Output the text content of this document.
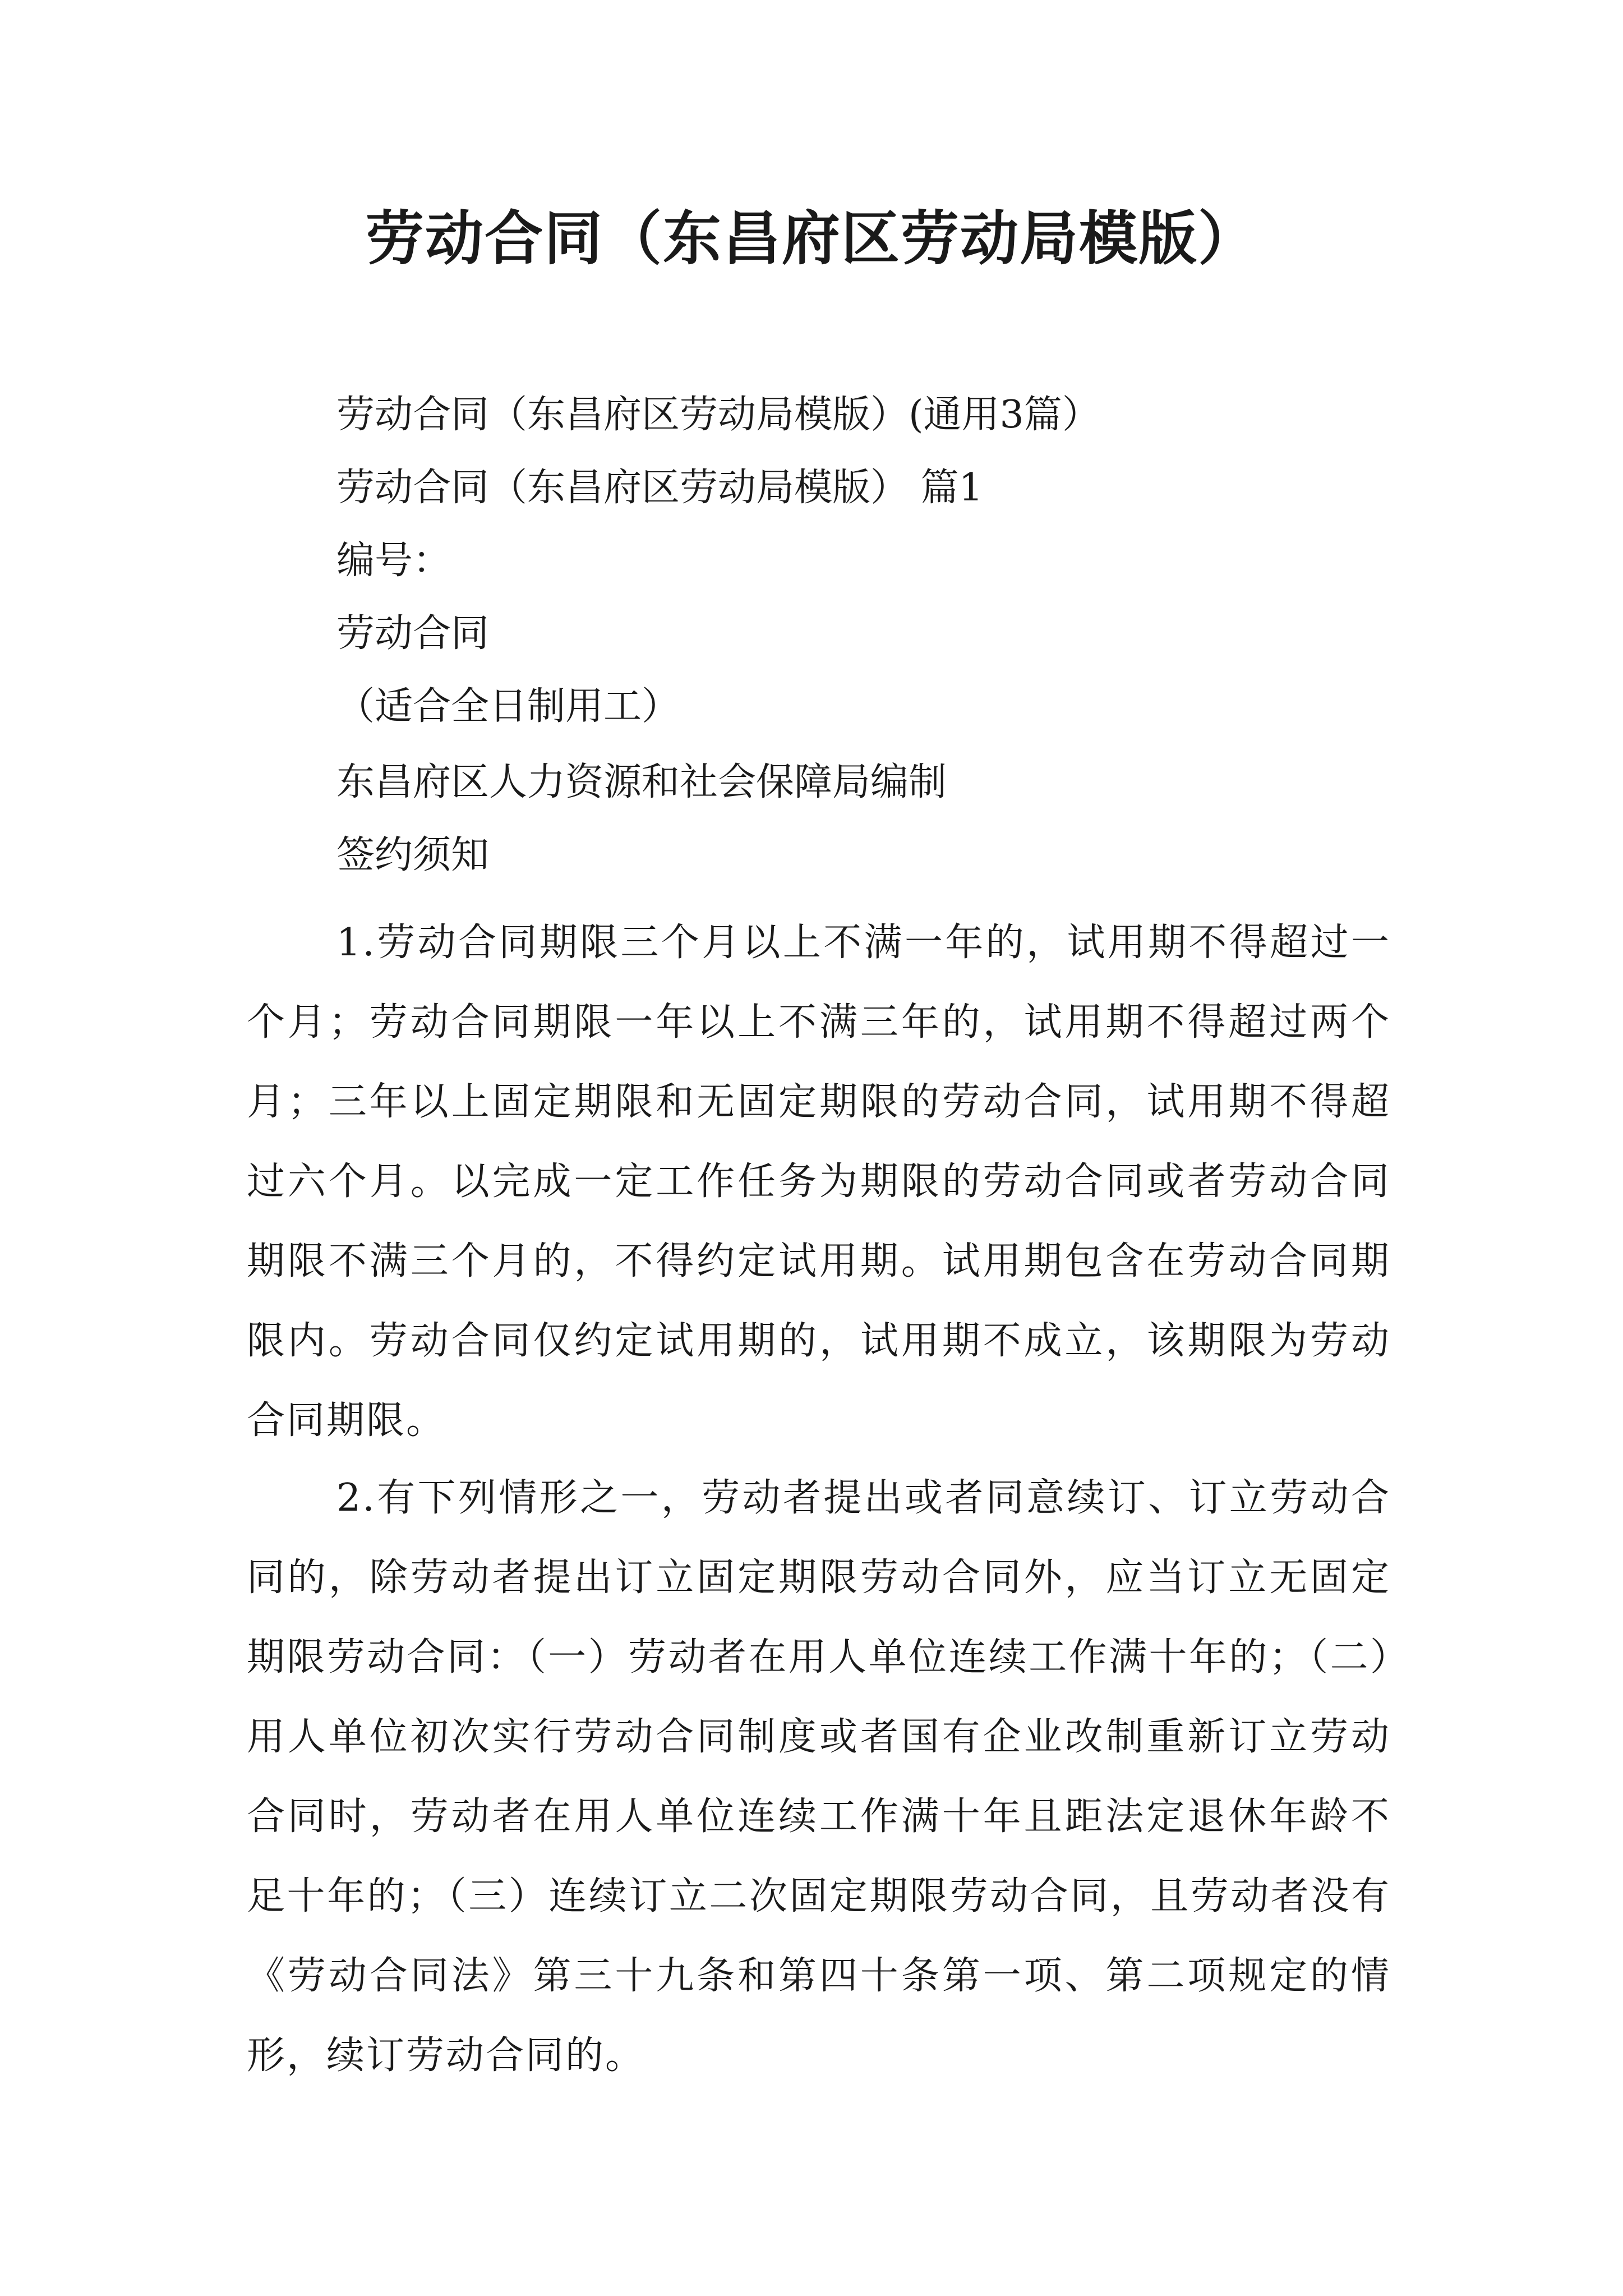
劳动合同（东昌府区劳动局模版）

劳动合同（东昌府区劳动局模版）(通用3篇）

劳动合同（东昌府区劳动局模版） 篇1

编号：

劳动合同

（适合全日制用工）

东昌府区人力资源和社会保障局编制

签约须知

1.劳动合同期限三个月以上不满一年的，试用期不得超过一个月；劳动合同期限一年以上不满三年的，试用期不得超过两个月；三年以上固定期限和无固定期限的劳动合同，试用期不得超过六个月。以完成一定工作任务为期限的劳动合同或者劳动合同期限不满三个月的，不得约定试用期。试用期包含在劳动合同期限内。劳动合同仅约定试用期的，试用期不成立，该期限为劳动合同期限。

2.有下列情形之一，劳动者提出或者同意续订、订立劳动合同的，除劳动者提出订立固定期限劳动合同外，应当订立无固定期限劳动合同：（一）劳动者在用人单位连续工作满十年的；（二）用人单位初次实行劳动合同制度或者国有企业改制重新订立劳动合同时，劳动者在用人单位连续工作满十年且距法定退休年龄不足十年的；（三）连续订立二次固定期限劳动合同，且劳动者没有《劳动合同法》第三十九条和第四十条第一项、第二项规定的情形，续订劳动合同的。
